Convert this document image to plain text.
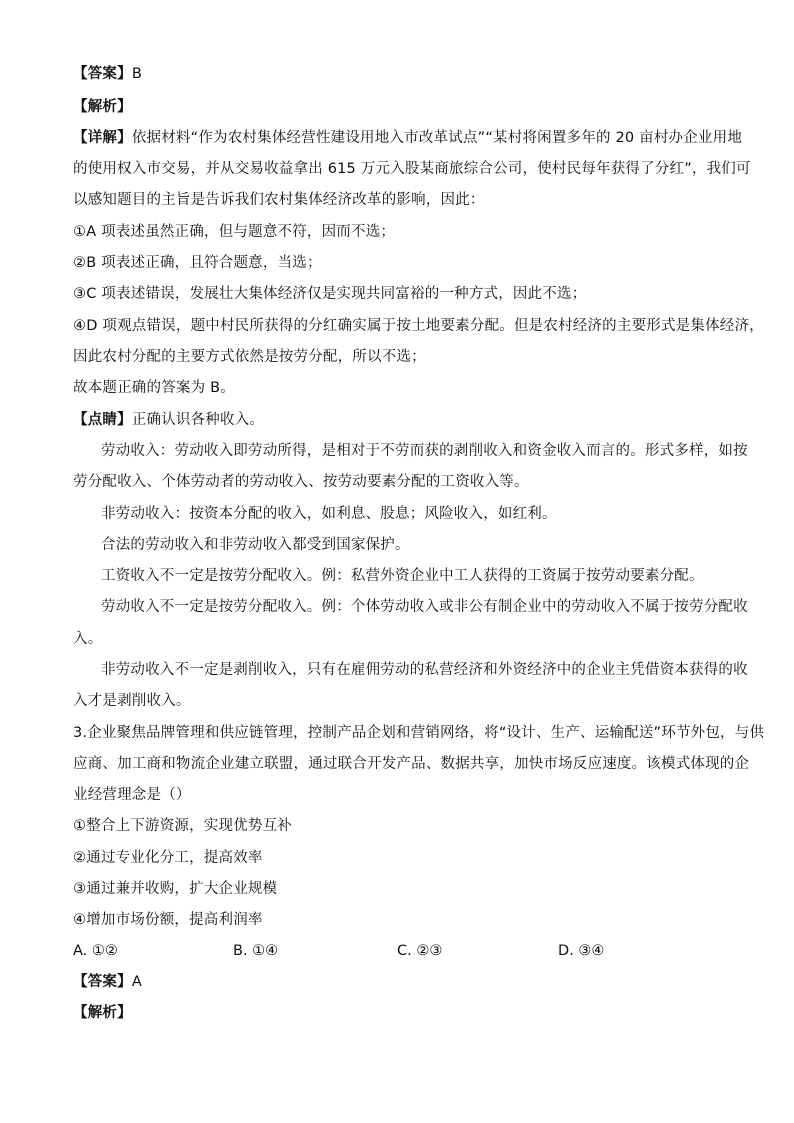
【答案】B
【解析】
【详解】依据材料“作为农村集体经营性建设用地入市改革试点”“某村将闲置多年的 20 亩村办企业用地
的使用权入市交易，并从交易收益拿出 615 万元入股某商旅综合公司，使村民每年获得了分红”，我们可
以感知题目的主旨是告诉我们农村集体经济改革的影响，因此：
①A 项表述虽然正确，但与题意不符，因而不选；
②B 项表述正确，且符合题意，当选；
③C 项表述错误，发展壮大集体经济仅是实现共同富裕的一种方式，因此不选；
④D 项观点错误，题中村民所获得的分红确实属于按土地要素分配。但是农村经济的主要形式是集体经济，
因此农村分配的主要方式依然是按劳分配，所以不选；
故本题正确的答案为 B。
【点睛】正确认识各种收入。
劳动收入：劳动收入即劳动所得，是相对于不劳而获的剥削收入和资金收入而言的。形式多样，如按
劳分配收入、个体劳动者的劳动收入、按劳动要素分配的工资收入等。
非劳动收入：按资本分配的收入，如利息、股息；风险收入，如红利。
合法的劳动收入和非劳动收入都受到国家保护。
工资收入不一定是按劳分配收入。例：私营外资企业中工人获得的工资属于按劳动要素分配。
劳动收入不一定是按劳分配收入。例：个体劳动收入或非公有制企业中的劳动收入不属于按劳分配收
入。
非劳动收入不一定是剥削收入，只有在雇佣劳动的私营经济和外资经济中的企业主凭借资本获得的收
入才是剥削收入。
3.企业聚焦品牌管理和供应链管理，控制产品企划和营销网络，将“设计、生产、运输配送”环节外包，与供
应商、加工商和物流企业建立联盟，通过联合开发产品、数据共享，加快市场反应速度。该模式体现的企
业经营理念是（）
①整合上下游资源，实现优势互补
②通过专业化分工，提高效率
③通过兼并收购，扩大企业规模
④增加市场份额，提高利润率
A. ①②	B. ①④	C. ②③	D. ③④
【答案】A
【解析】
